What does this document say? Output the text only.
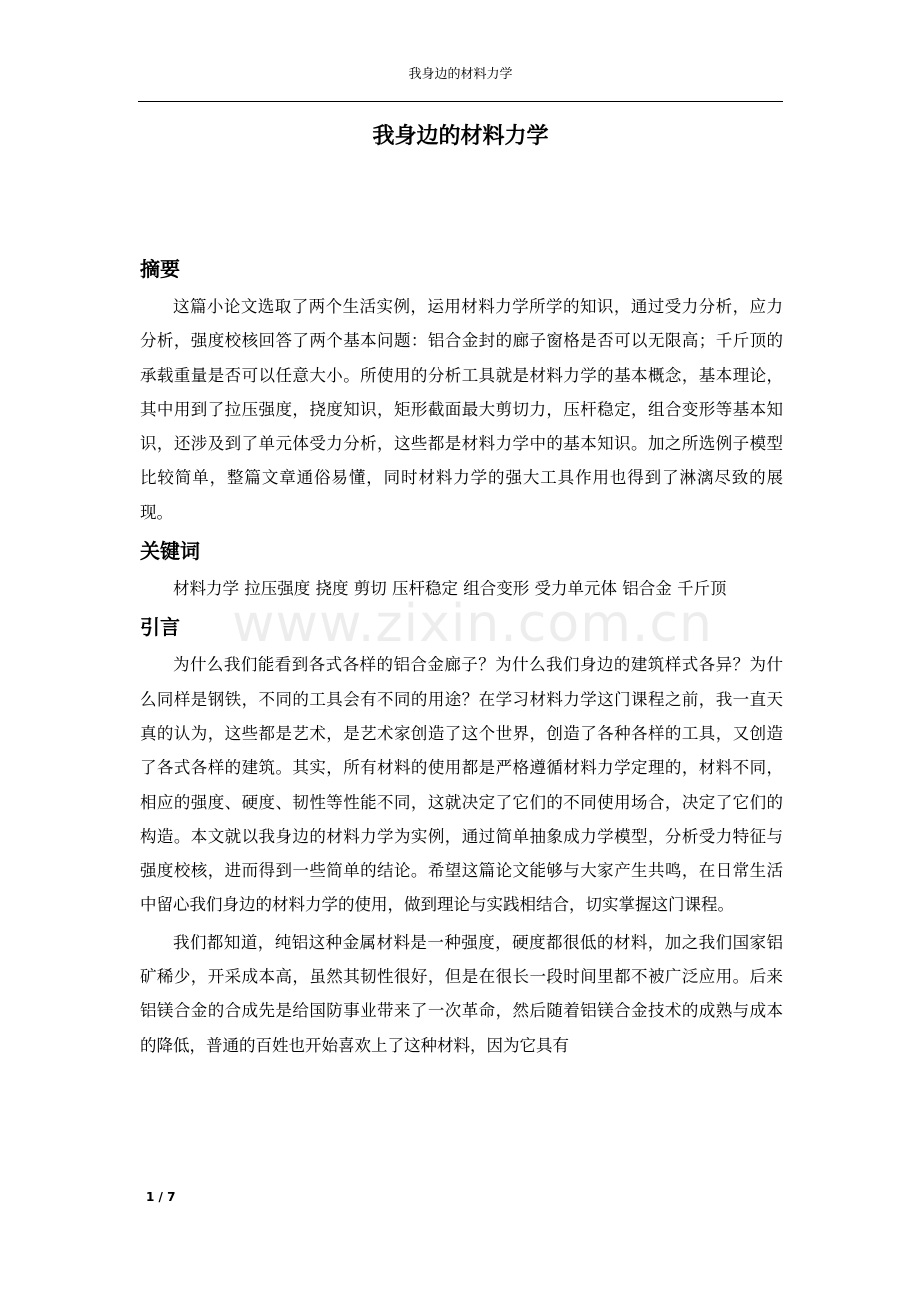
我身边的材料力学
我身边的材料力学
摘要

这篇小论文选取了两个生活实例，运用材料力学所学的知识，通过受力分析，应力分析，强度校核回答了两个基本问题：铝合金封的廊子窗格是否可以无限高；千斤顶的承载重量是否可以任意大小。所使用的分析工具就是材料力学的基本概念，基本理论，其中用到了拉压强度，挠度知识，矩形截面最大剪切力，压杆稳定，组合变形等基本知识，还涉及到了单元体受力分析，这些都是材料力学中的基本知识。加之所选例子模型比较简单，整篇文章通俗易懂，同时材料力学的强大工具作用也得到了淋漓尽致的展现。

关键词

材料力学 拉压强度 挠度 剪切 压杆稳定 组合变形 受力单元体 铝合金 千斤顶

引言

为什么我们能看到各式各样的铝合金廊子？为什么我们身边的建筑样式各异？为什么同样是钢铁，不同的工具会有不同的用途？在学习材料力学这门课程之前，我一直天真的认为，这些都是艺术，是艺术家创造了这个世界，创造了各种各样的工具，又创造了各式各样的建筑。其实，所有材料的使用都是严格遵循材料力学定理的，材料不同，相应的强度、硬度、韧性等性能不同，这就决定了它们的不同使用场合，决定了它们的构造。本文就以我身边的材料力学为实例，通过简单抽象成力学模型，分析受力特征与强度校核，进而得到一些简单的结论。希望这篇论文能够与大家产生共鸣，在日常生活中留心我们身边的材料力学的使用，做到理论与实践相结合，切实掌握这门课程。

我们都知道，纯铝这种金属材料是一种强度，硬度都很低的材料，加之我们国家铝矿稀少，开采成本高，虽然其韧性很好，但是在很长一段时间里都不被广泛应用。后来铝镁合金的合成先是给国防事业带来了一次革命，然后随着铝镁合金技术的成熟与成本的降低，普通的百姓也开始喜欢上了这种材料，因为它具有

www.zixin.com.cn
1 / 7
